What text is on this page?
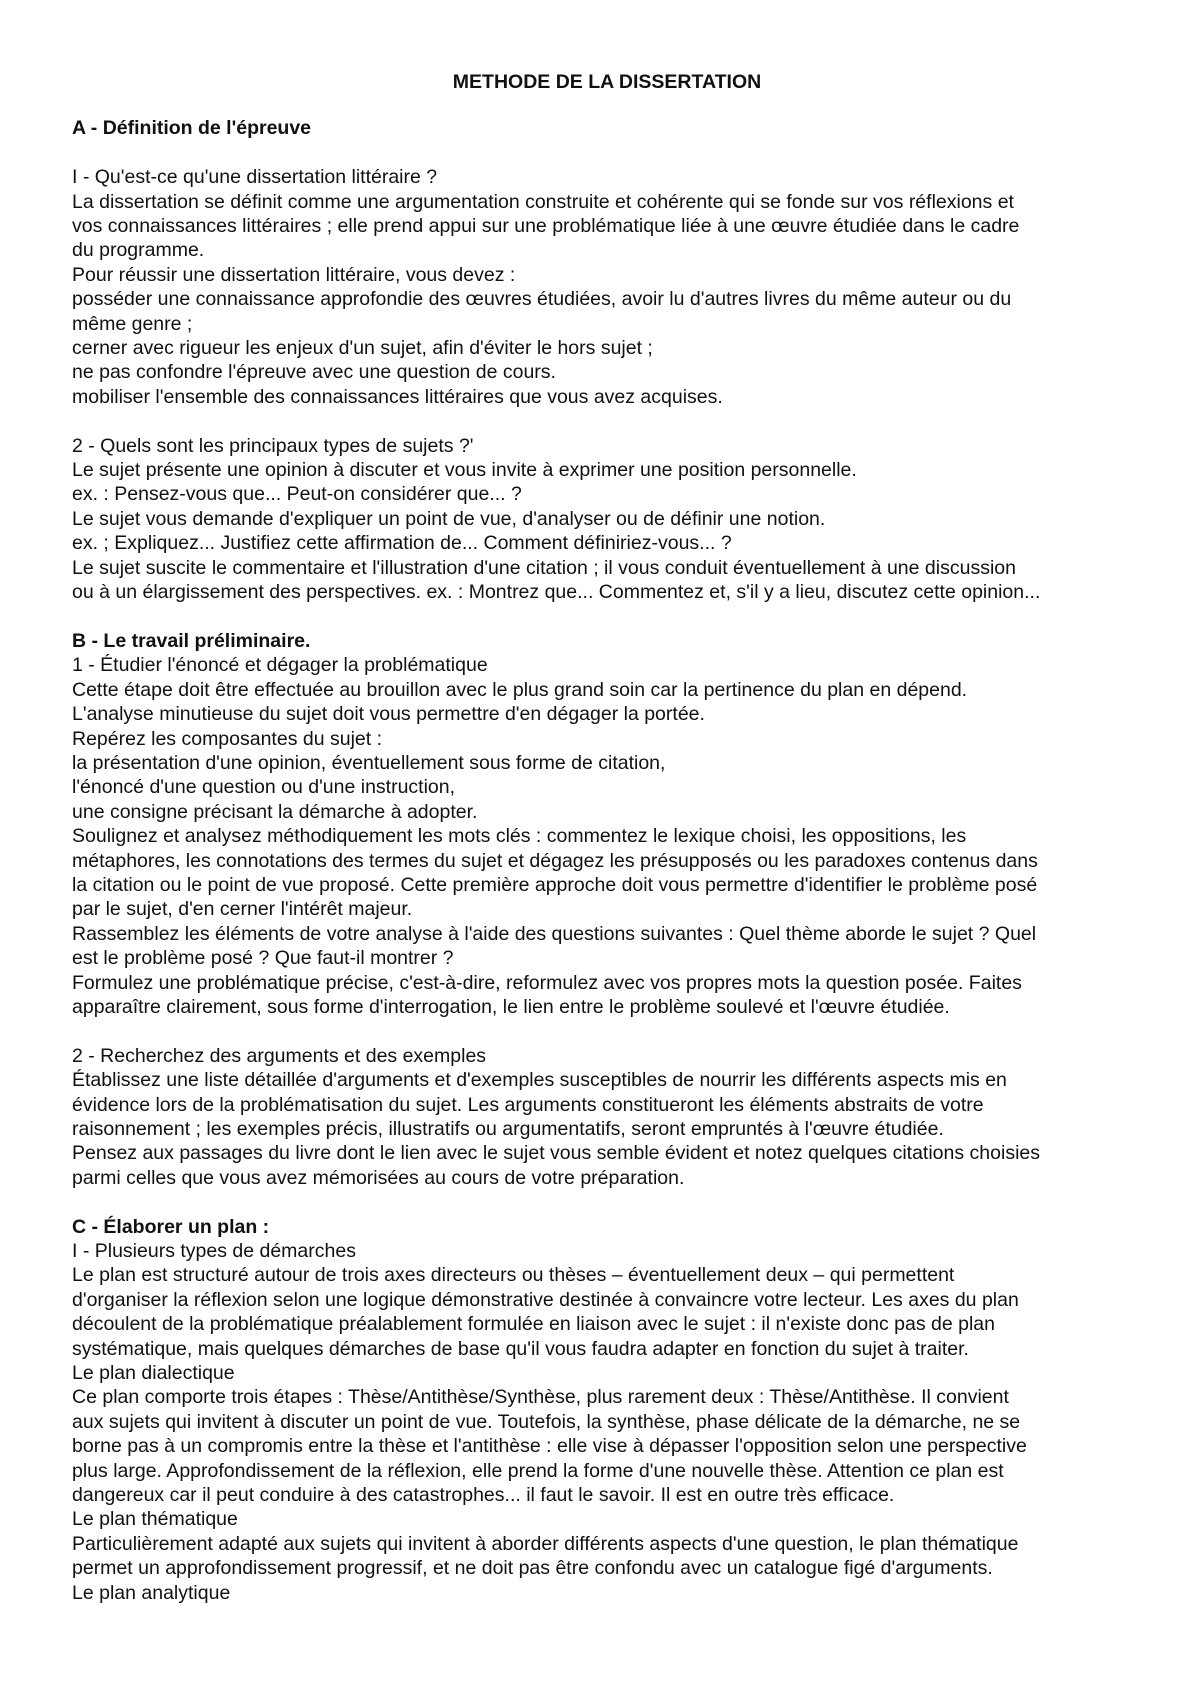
METHODE DE LA DISSERTATION
A - Définition de l'épreuve
I - Qu'est-ce qu'une dissertation littéraire ?
La dissertation se définit comme une argumentation construite et cohérente qui se fonde sur vos réflexions et
vos connaissances littéraires ; elle prend appui sur une problématique liée à une œuvre étudiée dans le cadre
du programme.
Pour réussir une dissertation littéraire, vous devez :
posséder une connaissance approfondie des œuvres étudiées, avoir lu d'autres livres du même auteur ou du
même genre ;
cerner avec rigueur les enjeux d'un sujet, afin d'éviter le hors sujet ;
ne pas confondre l'épreuve avec une question de cours.
mobiliser l'ensemble des connaissances littéraires que vous avez acquises.
2 - Quels sont les principaux types de sujets ?'
Le sujet présente une opinion à discuter et vous invite à exprimer une position personnelle.
ex. : Pensez-vous que... Peut-on considérer que... ?
Le sujet vous demande d'expliquer un point de vue, d'analyser ou de définir une notion.
ex. ; Expliquez... Justifiez cette affirmation de... Comment définiriez-vous... ?
Le sujet suscite le commentaire et l'illustration d'une citation ; il vous conduit éventuellement à une discussion
ou à un élargissement des perspectives. ex. : Montrez que... Commentez et, s'il y a lieu, discutez cette opinion...
B - Le travail préliminaire.
1 - Étudier l'énoncé et dégager la problématique
Cette étape doit être effectuée au brouillon avec le plus grand soin car la pertinence du plan en dépend.
L'analyse minutieuse du sujet doit vous permettre d'en dégager la portée.
Repérez les composantes du sujet :
la présentation d'une opinion, éventuellement sous forme de citation,
l'énoncé d'une question ou d'une instruction,
une consigne précisant la démarche à adopter.
Soulignez et analysez méthodiquement les mots clés : commentez le lexique choisi, les oppositions, les
métaphores, les connotations des termes du sujet et dégagez les présupposés ou les paradoxes contenus dans
la citation ou le point de vue proposé. Cette première approche doit vous permettre d'identifier le problème posé
par le sujet, d'en cerner l'intérêt majeur.
Rassemblez les éléments de votre analyse à l'aide des questions suivantes : Quel thème aborde le sujet ? Quel
est le problème posé ? Que faut-il montrer ?
Formulez une problématique précise, c'est-à-dire, reformulez avec vos propres mots la question posée. Faites
apparaître clairement, sous forme d'interrogation, le lien entre le problème soulevé et l'œuvre étudiée.
2 - Recherchez des arguments et des exemples
Établissez une liste détaillée d'arguments et d'exemples susceptibles de nourrir les différents aspects mis en
évidence lors de la problématisation du sujet. Les arguments constitueront les éléments abstraits de votre
raisonnement ; les exemples précis, illustratifs ou argumentatifs, seront empruntés à l'œuvre étudiée.
Pensez aux passages du livre dont le lien avec le sujet vous semble évident et notez quelques citations choisies
parmi celles que vous avez mémorisées au cours de votre préparation.
C - Élaborer un plan :
I - Plusieurs types de démarches
Le plan est structuré autour de trois axes directeurs ou thèses – éventuellement deux – qui permettent
d'organiser la réflexion selon une logique démonstrative destinée à convaincre votre lecteur. Les axes du plan
découlent de la problématique préalablement formulée en liaison avec le sujet : il n'existe donc pas de plan
systématique, mais quelques démarches de base qu'il vous faudra adapter en fonction du sujet à traiter.
Le plan dialectique
Ce plan comporte trois étapes : Thèse/Antithèse/Synthèse, plus rarement deux : Thèse/Antithèse. Il convient
aux sujets qui invitent à discuter un point de vue. Toutefois, la synthèse, phase délicate de la démarche, ne se
borne pas à un compromis entre la thèse et l'antithèse : elle vise à dépasser l'opposition selon une perspective
plus large. Approfondissement de la réflexion, elle prend la forme d'une nouvelle thèse. Attention ce plan est
dangereux car il peut conduire à des catastrophes... il faut le savoir. Il est en outre très efficace.
Le plan thématique
Particulièrement adapté aux sujets qui invitent à aborder différents aspects d'une question, le plan thématique
permet un approfondissement progressif, et ne doit pas être confondu avec un catalogue figé d'arguments.
Le plan analytique
